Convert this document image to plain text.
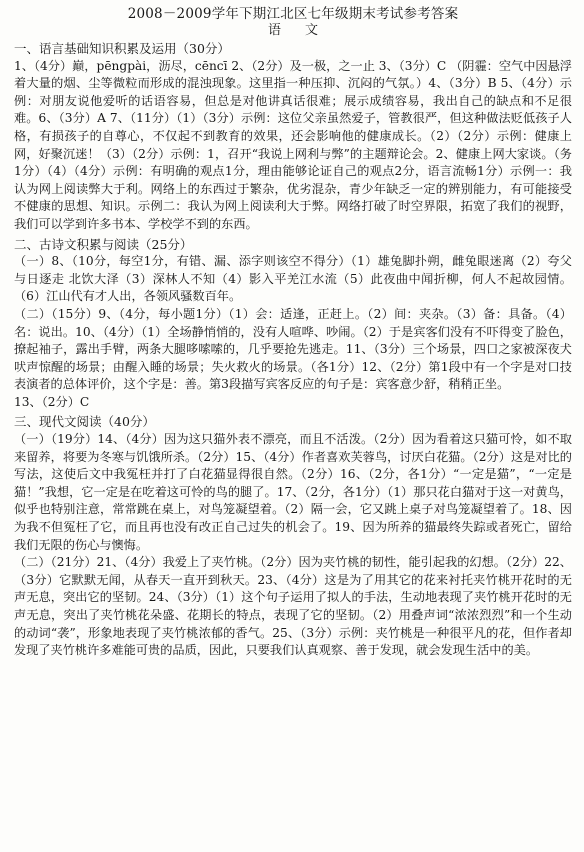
2008－2009学年下期江北区七年级期末考试参考答案
语文
一、语言基础知识积累及运用（30分）

1、（4分）巅，pēngpài，沥尽，cēncī 2、（2分）及一极，之一止 3、（3分）C （阴霾：空气中因悬浮着大量的烟、尘等微粒而形成的混浊现象。这里指一种压抑、沉闷的气氛。）4、（3分）B 5、（4分）示例：对朋友说他爱听的话语容易，但总是对他讲真话很难；展示成绩容易，我出自己的缺点和不足很难。6、（3分）A 7、（11分）（1）（3分）示例：这位父亲虽然爱子，管教很严，但这种做法贬低孩子人格，有损孩子的自尊心，不仅起不到教育的效果，还会影响他的健康成长。（2）（2分）示例：健康上网，好聚沉迷！（3）（2分）示例：1，召开“我说上网利与弊”的主题辩论会。2、健康上网大家谈。（务1分）（4）（4分）示例：有明确的观点1分，理由能够论证自己的观点2分，语言流畅1分）示例一：我认为网上阅读弊大于利。网络上的东西过于繁杂，优劣混杂，青少年缺乏一定的辨别能力，有可能接受不健康的思想、知识。示例二：我认为网上阅读利大于弊。网络打破了时空界限，拓宽了我们的视野，我们可以学到许多书本、学校学不到的东西。

二、古诗文积累与阅读（25分）

（一）8、（10分，每空1分，有错、漏、添字则该空不得分）（1）雄兔脚扑朔，雌兔眼迷离（2）夸父与日逐走 北饮大泽（3）深林人不知（4）影入平羌江水流（5）此夜曲中闻折柳，何人不起故园情。（6）江山代有才人出，各领风骚数百年。

（二）（15分）9、（4分，每小题1分）（1）会：适逢，正赶上。（2）间：夹杂。（3）备：具备。（4）名：说出。10、（4分）（1）全场静悄悄的，没有人喧哗、吵闹。（2）于是宾客们没有不吓得变了脸色，撩起袖子，露出手臂，两条大腿哆嗦嗦的，几乎要抢先逃走。11、（3分）三个场景，四口之家被深夜犬吠声惊醒的场景；由醒入睡的场景；失火救火的场景。（各1分）12、（2分）第1段中有一个字是对口技表演者的总体评价，这个字是：善。第3段描写宾客反应的句子是：宾客意少舒，稍稍正坐。

13、（2分）C

三、现代文阅读（40分）

（一）（19分）14、（4分）因为这只猫外表不漂亮，而且不活泼。（2分）因为看着这只猫可怜，如不取来留养，将要为冬寒与饥饿所杀。（2分）15、（4分）作者喜欢芙蓉鸟，讨厌白花猫。（2分）这是对比的写法，这使后文中我冤枉并打了白花猫显得很自然。（2分）16、（2分，各1分）“一定是猫”，“一定是猫！”我想，它一定是在吃着这可怜的鸟的腿了。17、（2分，各1分）（1）那只花白猫对于这一对黄鸟，似乎也特别注意，常常跳在桌上，对鸟笼凝望着。（2）隔一会，它又跳上桌子对鸟笼凝望着了。18、因为我不但冤枉了它，而且再也没有改正自己过失的机会了。19、因为所养的猫最终失踪或者死亡，留给我们无限的伤心与懊悔。

（二）（21分）21、（4分）我爱上了夹竹桃。（2分）因为夹竹桃的韧性，能引起我的幻想。（2分）22、（3分）它默默无闻，从春天一直开到秋天。23、（4分）这是为了用其它的花来衬托夹竹桃开花时的无声无息，突出它的坚韧。24、（3分）（1）这个句子运用了拟人的手法，生动地表现了夹竹桃开花时的无声无息，突出了夹竹桃花朵盛、花期长的特点，表现了它的坚韧。（2）用叠声词“浓浓烈烈”和一个生动的动词“袭”，形象地表现了夹竹桃浓郁的香气。25、（3分）示例：夹竹桃是一种很平凡的花，但作者却发现了夹竹桃许多难能可贵的品质，因此，只要我们认真观察、善于发现，就会发现生活中的美。
